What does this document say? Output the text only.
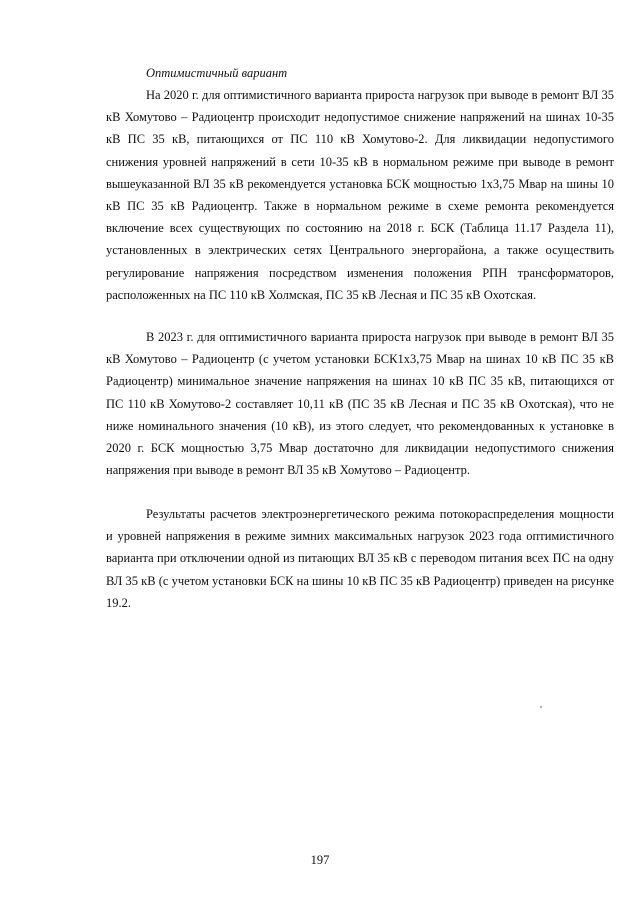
Оптимистичный вариант

На 2020 г. для оптимистичного варианта прироста нагрузок при выводе в ремонт ВЛ 35 кВ Хомутово – Радиоцентр происходит недопустимое снижение напряжений на шинах 10-35 кВ ПС 35 кВ, питающихся от ПС 110 кВ Хомутово-2. Для ликвидации недопустимого снижения уровней напряжений в сети 10-35 кВ в нормальном режиме при выводе в ремонт вышеуказанной ВЛ 35 кВ рекомендуется установка БСК мощностью 1х3,75 Мвар на шины 10 кВ ПС 35 кВ Радиоцентр. Также в нормальном режиме в схеме ремонта рекомендуется включение всех существующих по состоянию на 2018 г. БСК (Таблица 11.17 Раздела 11), установленных в электрических сетях Центрального энергорайона, а также осуществить регулирование напряжения посредством изменения положения РПН трансформаторов, расположенных на ПС 110 кВ Холмская, ПС 35 кВ Лесная и ПС 35 кВ Охотская.

В 2023 г. для оптимистичного варианта прироста нагрузок при выводе в ремонт ВЛ 35 кВ Хомутово – Радиоцентр (с учетом установки БСК1х3,75 Мвар на шинах 10 кВ ПС 35 кВ Радиоцентр) минимальное значение напряжения на шинах 10 кВ ПС 35 кВ, питающихся от ПС 110 кВ Хомутово-2 составляет 10,11 кВ (ПС 35 кВ Лесная и ПС 35 кВ Охотская), что не ниже номинального значения (10 кВ), из этого следует, что рекомендованных к установке в 2020 г. БСК мощностью 3,75 Мвар достаточно для ликвидации недопустимого снижения напряжения при выводе в ремонт ВЛ 35 кВ Хомутово – Радиоцентр.

Результаты расчетов электроэнергетического режима потокораспределения мощности и уровней напряжения в режиме зимних максимальных нагрузок 2023 года оптимистичного варианта при отключении одной из питающих ВЛ 35 кВ с переводом питания всех ПС на одну ВЛ 35 кВ (с учетом установки БСК на шины 10 кВ ПС 35 кВ Радиоцентр) приведен на рисунке 19.2.

197
